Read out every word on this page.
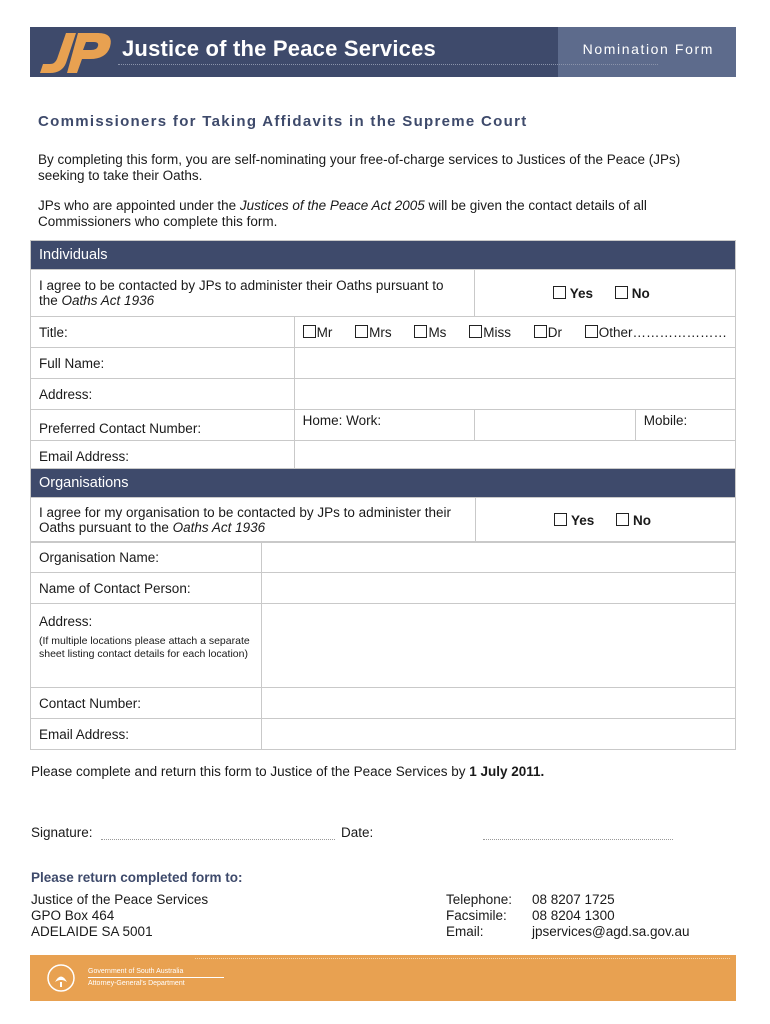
Justice of the Peace Services	Nomination Form
Commissioners for Taking Affidavits in the Supreme Court

By completing this form, you are self-nominating your free-of-charge services to Justices of the Peace (JPs) seeking to take their Oaths.

JPs who are appointed under the Justices of the Peace Act 2005 will be given the contact details of all Commissioners who complete this form.

Individuals			
I agree to be contacted by JPs to administer their Oaths pursuant to the Oaths Act 1936		Yes No	
Title:	Mr Mrs Ms Miss Dr Other…………………		
Full Name:			
Address:			
Preferred Contact Number:	Home: Work:		Mobile:
Email Address:			
Organisations
I agree for my organisation to be contacted by JPs to administer their Oaths pursuant to the Oaths Act 1936	Yes	No
Organisation Name:	
Name of Contact Person:	

Address:
(If multiple locations please attach a separate sheet listing contact details for each location)	

Contact Number:	
Email Address:	
Please complete and return this form to Justice of the Peace Services by 1 July 2011.
Signature:	Date:
Please return completed form to:
Justice of the Peace Services
GPO Box 464
ADELAIDE SA 5001
Telephone:	08 8207 1725
Facsimile:	08 8204 1300
Email:	jpservices@agd.sa.gov.au
Government of South Australia
Attorney-General's Department
